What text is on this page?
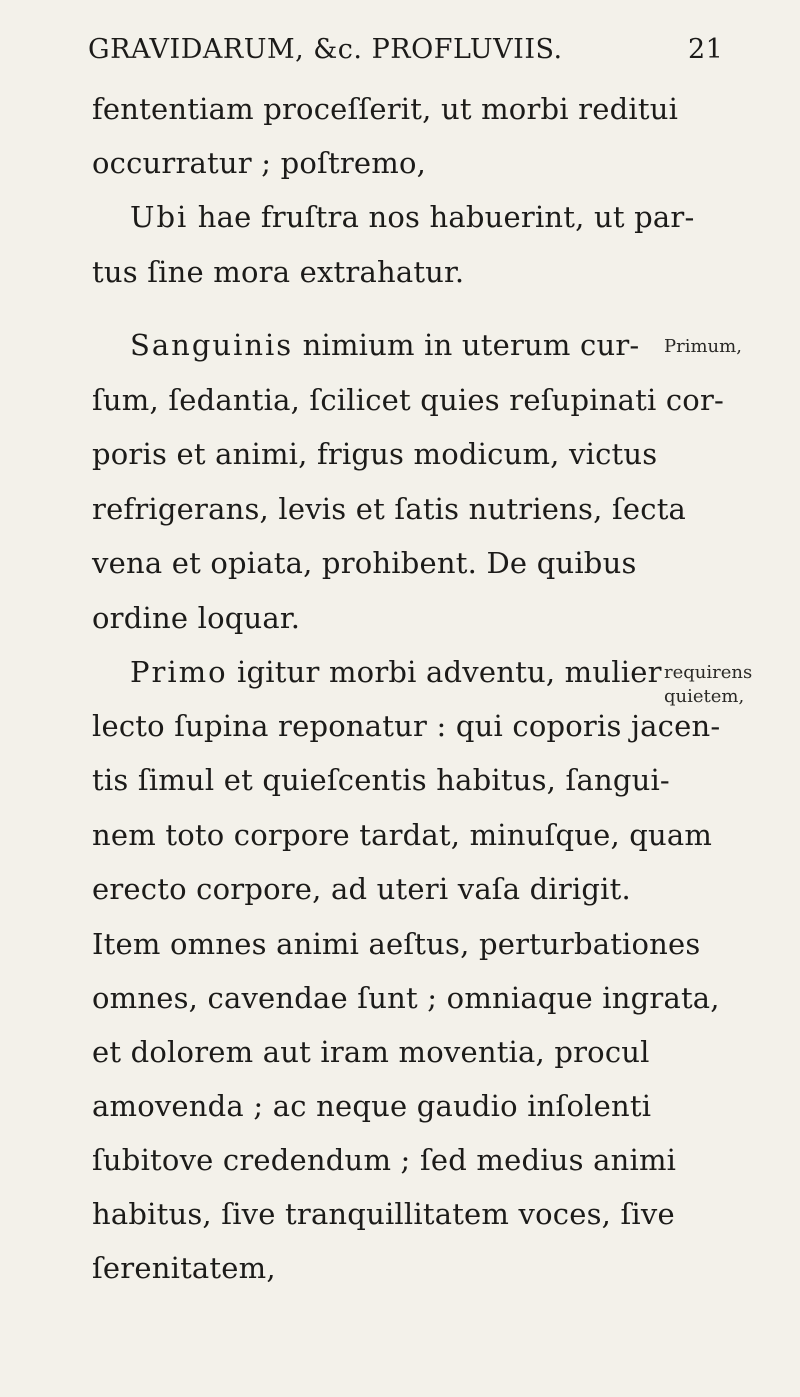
GRAVIDARUM, &c. PROFLUVIIS.	21
fententiam proceſſerit, ut morbi reditui
occurratur ; poſtremo,
Ubi hae fruſtra nos habuerint, ut par-
tus ſine mora extrahatur.
Sanguinis nimium in uterum cur- Primum,
ſum, ſedantia, ſcilicet quies reſupinati cor-
poris et animi, frigus modicum, victus
refrigerans, levis et ſatis nutriens, ſecta
vena et opiata, prohibent. De quibus
ordine loquar.
Primo igitur morbi adventu, mulier requirens
quietem,
lecto ſupina reponatur : qui coporis jacen-
tis ſimul et quieſcentis habitus, ſangui-
nem toto corpore tardat, minuſque, quam
erecto corpore, ad uteri vaſa dirigit.
Item omnes animi aeſtus, perturbationes
omnes, cavendae ſunt ; omniaque ingrata,
et dolorem aut iram moventia, procul
amovenda ; ac neque gaudio inſolenti
ſubitove credendum ; ſed medius animi
habitus, ſive tranquillitatem voces, ſive
ſerenitatem,
